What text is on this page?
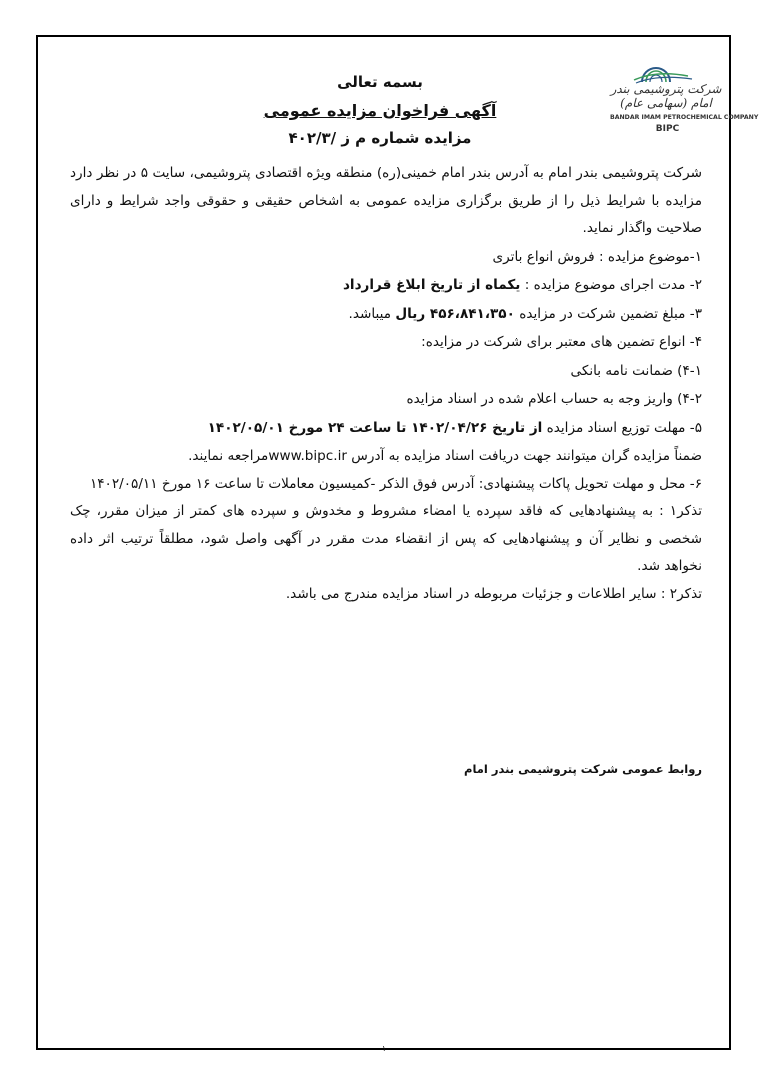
شرکت پتروشیمی بندر امام (سهامی عام)
BANDAR IMAM PETROCHEMICAL COMPANY
BIPC
بسمه تعالی
آگهی فراخوان مزایده عمومی
مزایده شماره م ز /۴۰۲/۳
شرکت پتروشیمی بندر امام به آدرس بندر امام خمینی(ره) منطقه ویژه اقتصادی پتروشیمی، سایت ۵ در نظر دارد مزایده با شرایط ذیل را از طریق برگزاری مزایده عمومی به اشخاص حقیقی و حقوقی واجد شرایط و دارای صلاحیت واگذار نماید.
۱-موضوع مزایده : فروش انواع باتری
۲- مدت اجرای موضوع مزایده : یکماه از تاریخ ابلاغ قرارداد
۳- مبلغ تضمین شرکت در مزایده ۴۵۶،۸۴۱،۳۵۰ ریال میباشد.
۴- انواع تضمین های معتبر برای شرکت در مزایده:
۴-۱) ضمانت نامه بانکی
۴-۲) واریز وجه به حساب اعلام شده در اسناد مزایده
۵- مهلت توزیع اسناد مزایده از تاریخ ۱۴۰۲/۰۴/۲۶ تا ساعت ۲۴ مورخ ۱۴۰۲/۰۵/۰۱
ضمناً مزایده گران میتوانند جهت دریافت اسناد مزایده به آدرس www.bipc.irمراجعه نمایند.
۶- محل و مهلت تحویل پاکات پیشنهادی: آدرس فوق الذکر -کمیسیون معاملات تا ساعت ۱۶ مورخ ۱۴۰۲/۰۵/۱۱
تذکر۱ : به پیشنهادهایی که فاقد سپرده یا امضاء مشروط و مخدوش و سپرده های کمتر از میزان مقرر، چک شخصی و نظایر آن و پیشنهادهایی که پس از انقضاء مدت مقرر در آگهی واصل شود، مطلقاً ترتیب اثر داده نخواهد شد.
تذکر۲ : سایر اطلاعات و جزئیات مربوطه در اسناد مزایده مندرج می باشد.
روابط عمومی شرکت پتروشیمی بندر امام
۱
